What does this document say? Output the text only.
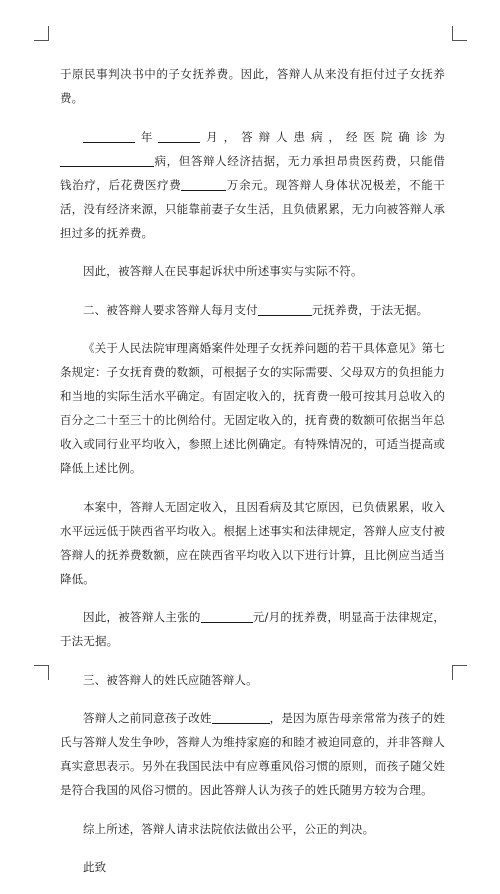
于原民事判决书中的子女抚养费。因此，答辩人从来没有拒付过子女抚养费。

年	月，答辩人患病，经医院确诊为病，但答辩人经济拮据，无力承担昂贵医药费，只能借钱治疗，后花费医疗费	万余元。现答辩人身体状况极差，不能干活，没有经济来源，只能靠前妻子女生活，且负债累累，无力向被答辩人承担过多的抚养费。

因此，被答辩人在民事起诉状中所述事实与实际不符。

二、被答辩人要求答辩人每月支付	元抚养费，于法无据。

《关于人民法院审理离婚案件处理子女抚养问题的若干具体意见》第七条规定：子女抚育费的数额，可根据子女的实际需要、父母双方的负担能力和当地的实际生活水平确定。有固定收入的，抚育费一般可按其月总收入的百分之二十至三十的比例给付。无固定收入的，抚育费的数额可依据当年总收入或同行业平均收入，参照上述比例确定。有特殊情况的，可适当提高或降低上述比例。

本案中，答辩人无固定收入，且因看病及其它原因，已负债累累，收入水平远远低于陕西省平均收入。根据上述事实和法律规定，答辩人应支付被答辩人的抚养费数额，应在陕西省平均收入以下进行计算，且比例应当适当降低。

因此，被答辩人主张的	元/月的抚养费，明显高于法律规定，于法无据。

三、被答辩人的姓氏应随答辩人。

答辩人之前同意孩子改姓	，是因为原告母亲常常为孩子的姓氏与答辩人发生争吵，答辩人为维持家庭的和睦才被迫同意的，并非答辩人真实意思表示。另外在我国民法中有应尊重风俗习惯的原则，而孩子随父姓是符合我国的风俗习惯的。因此答辩人认为孩子的姓氏随男方较为合理。

综上所述，答辩人请求法院依法做出公平，公正的判决。

此致
